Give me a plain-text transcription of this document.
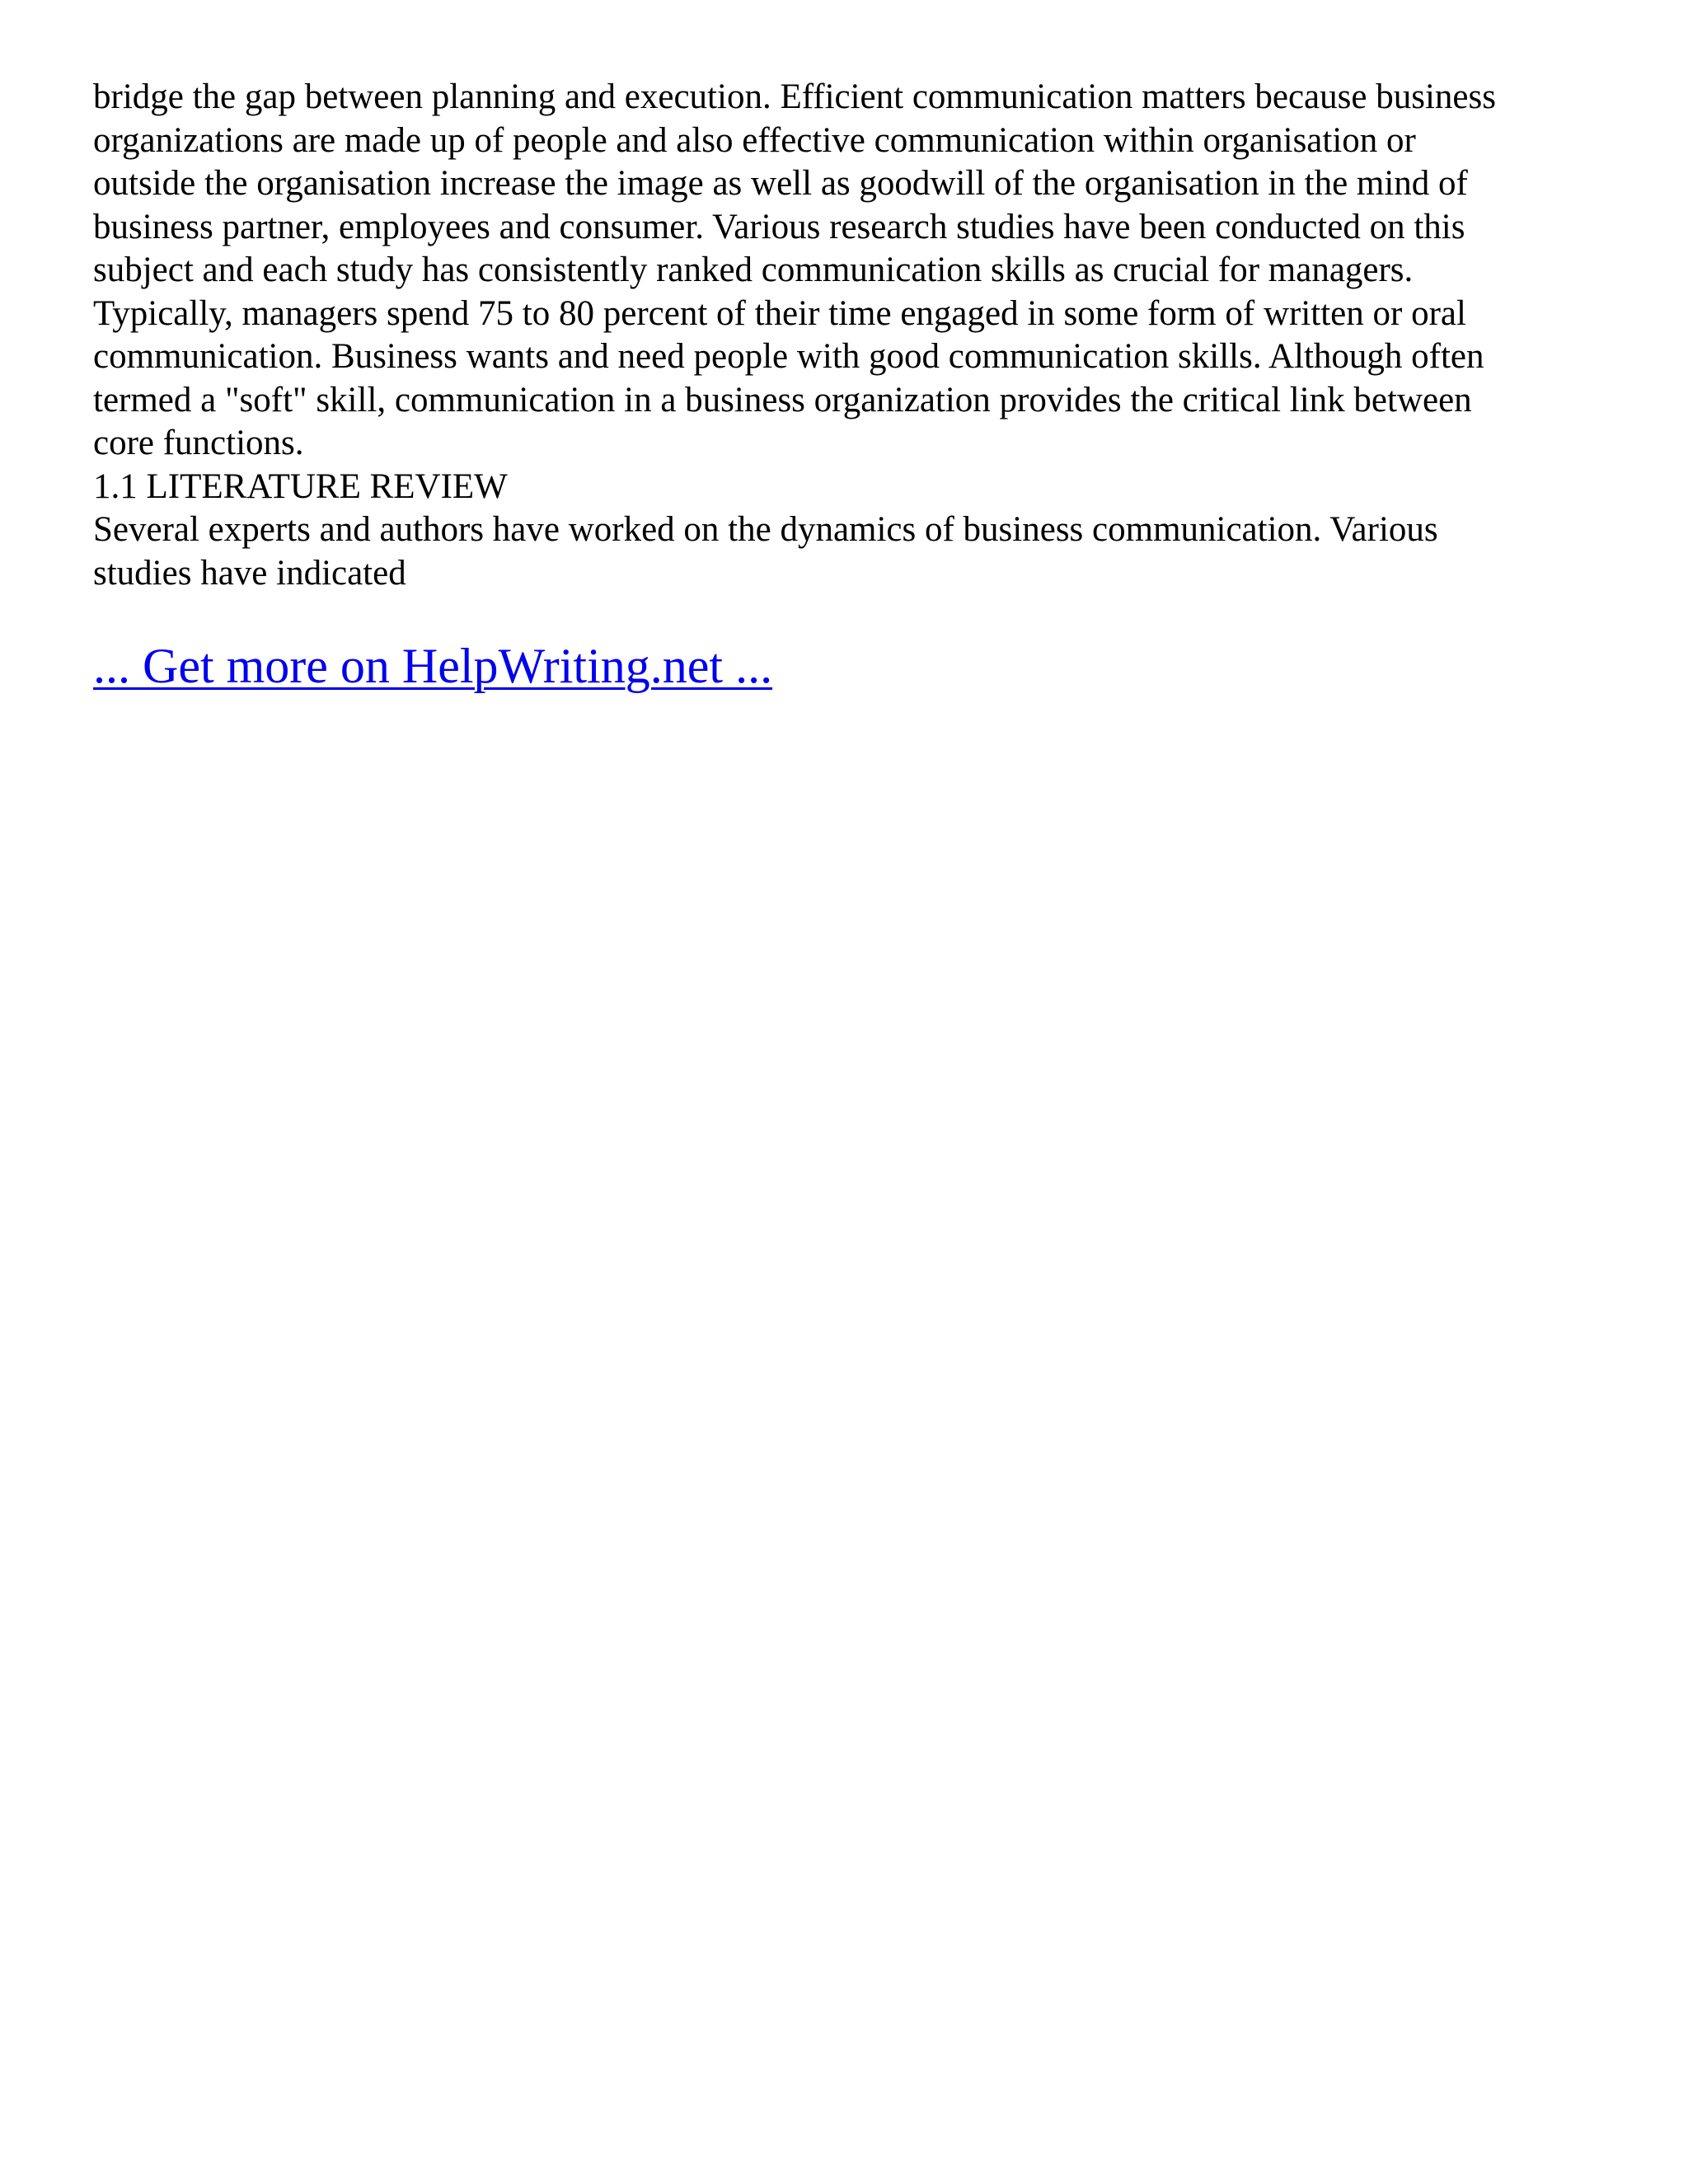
bridge the gap between planning and execution. Efficient communication matters because business

organizations are made up of people and also effective communication within organisation or

outside the organisation increase the image as well as goodwill of the organisation in the mind of

business partner, employees and consumer. Various research studies have been conducted on this

subject and each study has consistently ranked communication skills as crucial for managers.

Typically, managers spend 75 to 80 percent of their time engaged in some form of written or oral

communication. Business wants and need people with good communication skills. Although often

termed a "soft" skill, communication in a business organization provides the critical link between

core functions.

1.1 LITERATURE REVIEW

Several experts and authors have worked on the dynamics of business communication. Various

studies have indicated

... Get more on HelpWriting.net ...
